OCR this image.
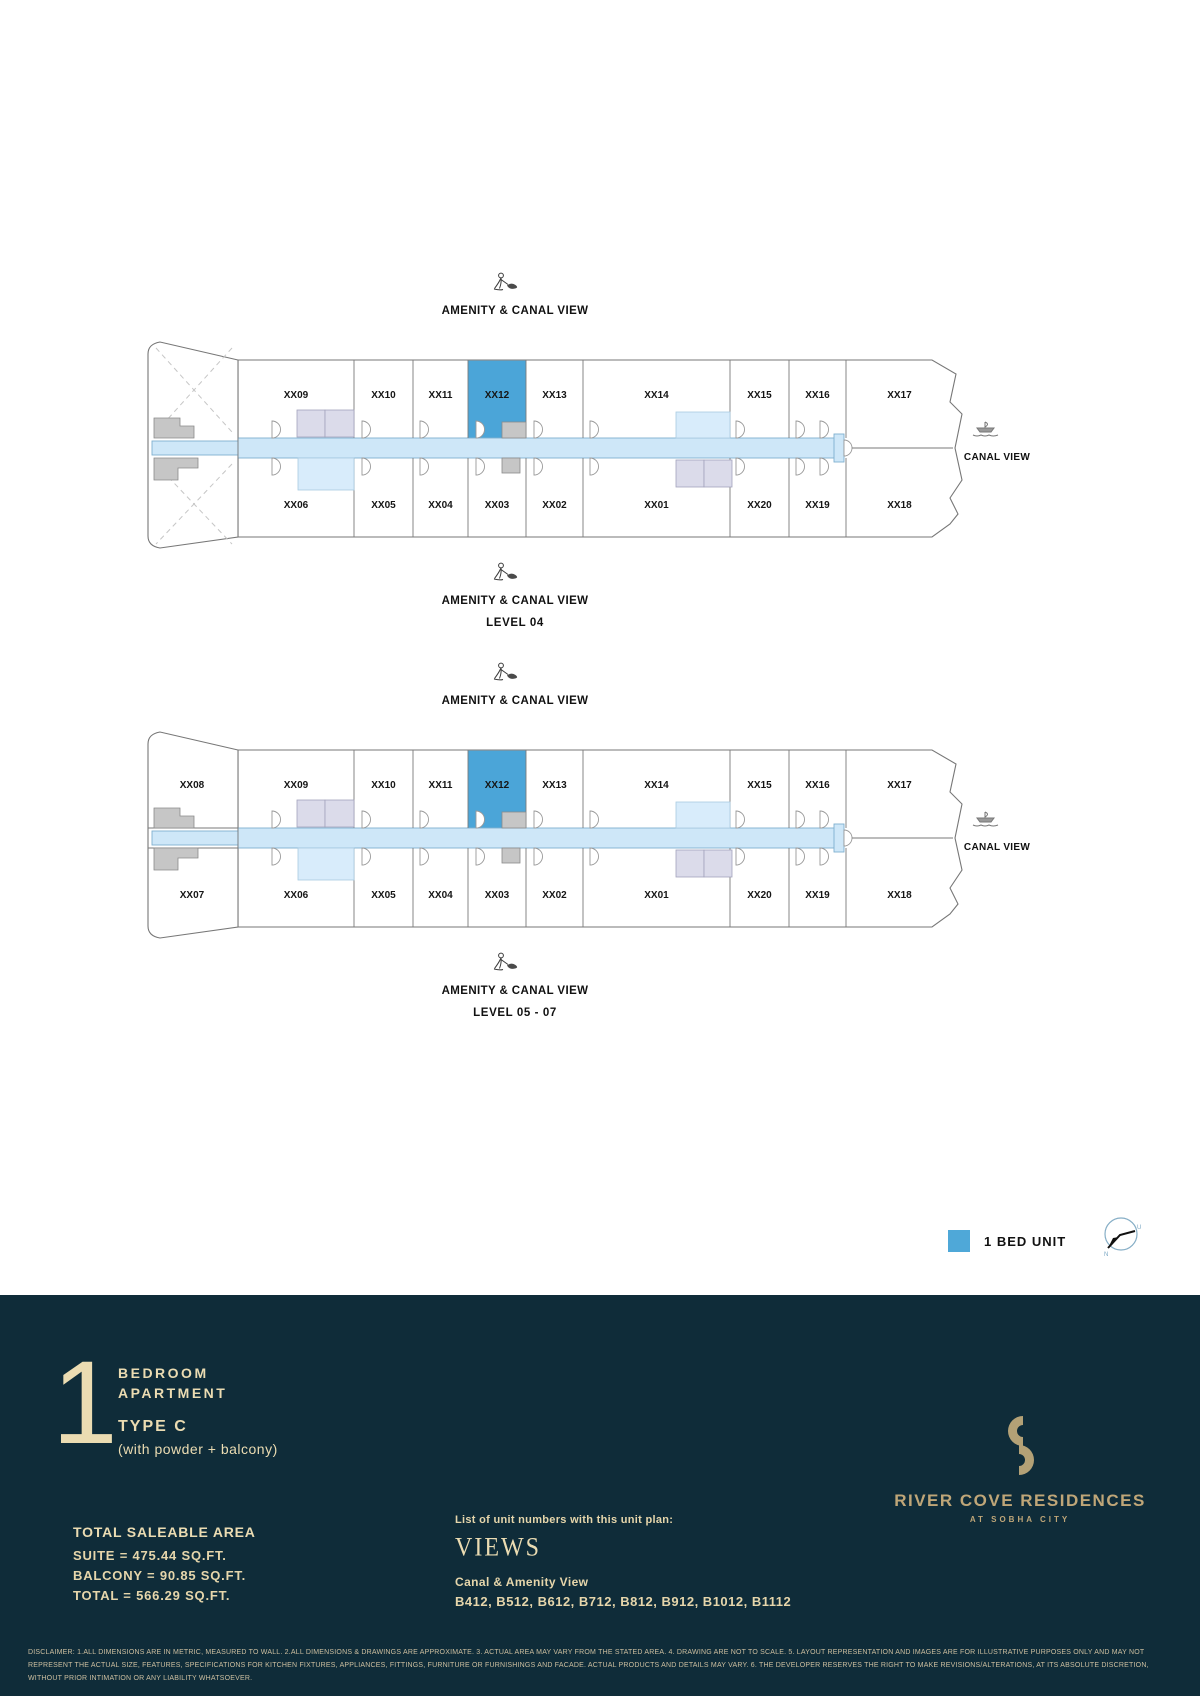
AMENITY & CANAL VIEW
XX09	XX10	XX11	XX12	XX13	XX14	XX15	XX16	XX17
XX06	XX05	XX04	XX03	XX02	XX01	XX20	XX19	XX18
CANAL VIEW
AMENITY & CANAL VIEW
LEVEL 04
AMENITY & CANAL VIEW
XX09	XX10	XX11	XX12	XX13	XX14	XX15	XX16	XX17
XX06	XX05	XX04	XX03	XX02	XX01	XX20	XX19	XX18
XX08
XX07
CANAL VIEW
AMENITY & CANAL VIEW
LEVEL 05 - 07
1 BED UNIT
U
N
1 BEDROOM
APARTMENT
TYPE C
(with powder + balcony)
TOTAL SALEABLE AREA
SUITE = 475.44 SQ.FT.
BALCONY = 90.85 SQ.FT.
TOTAL = 566.29 SQ.FT.
List of unit numbers with this unit plan:
VIEWS
Canal & Amenity View
B412, B512, B612, B712, B812, B912, B1012, B1112
RIVER COVE RESIDENCES
AT SOBHA CITY
DISCLAIMER: 1.ALL DIMENSIONS ARE IN METRIC, MEASURED TO WALL. 2.ALL DIMENSIONS & DRAWINGS ARE APPROXIMATE. 3. ACTUAL AREA MAY VARY FROM THE STATED AREA. 4. DRAWING ARE NOT TO SCALE. 5. LAYOUT REPRESENTATION AND IMAGES ARE FOR ILLUSTRATIVE PURPOSES ONLY AND MAY NOT REPRESENT THE ACTUAL SIZE, FEATURES, SPECIFICATIONS FOR KITCHEN FIXTURES, APPLIANCES, FITTINGS, FURNITURE OR FURNISHINGS AND FACADE. ACTUAL PRODUCTS AND DETAILS MAY VARY. 6. THE DEVELOPER RESERVES THE RIGHT TO MAKE REVISIONS/ALTERATIONS, AT ITS ABSOLUTE DISCRETION, WITHOUT PRIOR INTIMATION OR ANY LIABILITY WHATSOEVER.
